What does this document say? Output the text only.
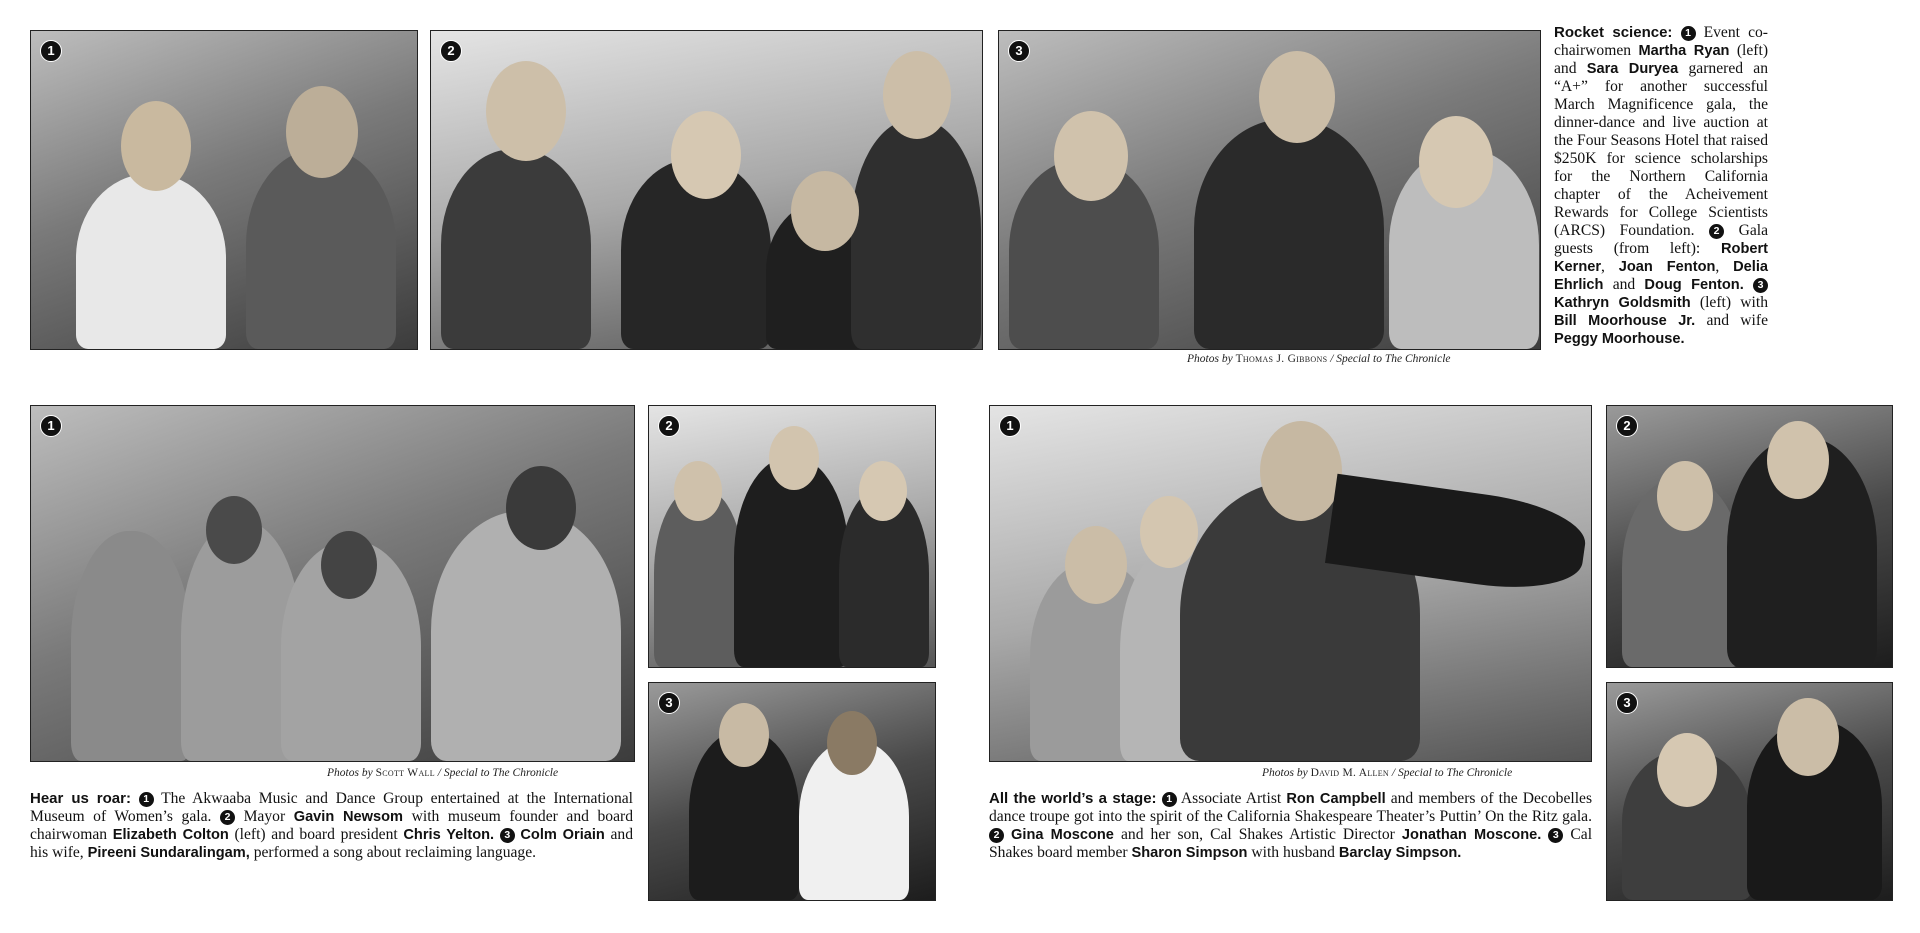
1	2	3
Photos by Thomas J. Gibbons / Special to The Chronicle
Rocket science: 1 Event co-chairwomen Martha Ryan (left) and Sara Duryea garnered an “A+” for another successful March Magnificence gala, the dinner-dance and live auction at the Four Seasons Hotel that raised $250K for science scholarships for the Northern California chapter of the Acheivement Rewards for College Scientists (ARCS) Foundation. 2 Gala guests (from left): Robert Kerner, Joan Fenton, Delia Ehrlich and Doug Fenton. 3 Kathryn Goldsmith (left) with Bill Moorhouse Jr. and wife Peggy Moorhouse.
1	2
3
Photos by Scott Wall / Special to The Chronicle
Hear us roar: 1 The Akwaaba Music and Dance Group entertained at the International Museum of Women’s gala. 2 Mayor Gavin Newsom with museum founder and board chairwoman Elizabeth Colton (left) and board president Chris Yelton. 3 Colm Oriain and his wife, Pireeni Sundaralingam, performed a song about reclaiming language.
1	2
3
Photos by David M. Allen / Special to The Chronicle
All the world’s a stage: 1 Associate Artist Ron Campbell and members of the Decobelles dance troupe got into the spirit of the California Shakespeare Theater’s Puttin’ On the Ritz gala. 2 Gina Moscone and her son, Cal Shakes Artistic Director Jonathan Moscone. 3 Cal Shakes board member Sharon Simpson with husband Barclay Simpson.
